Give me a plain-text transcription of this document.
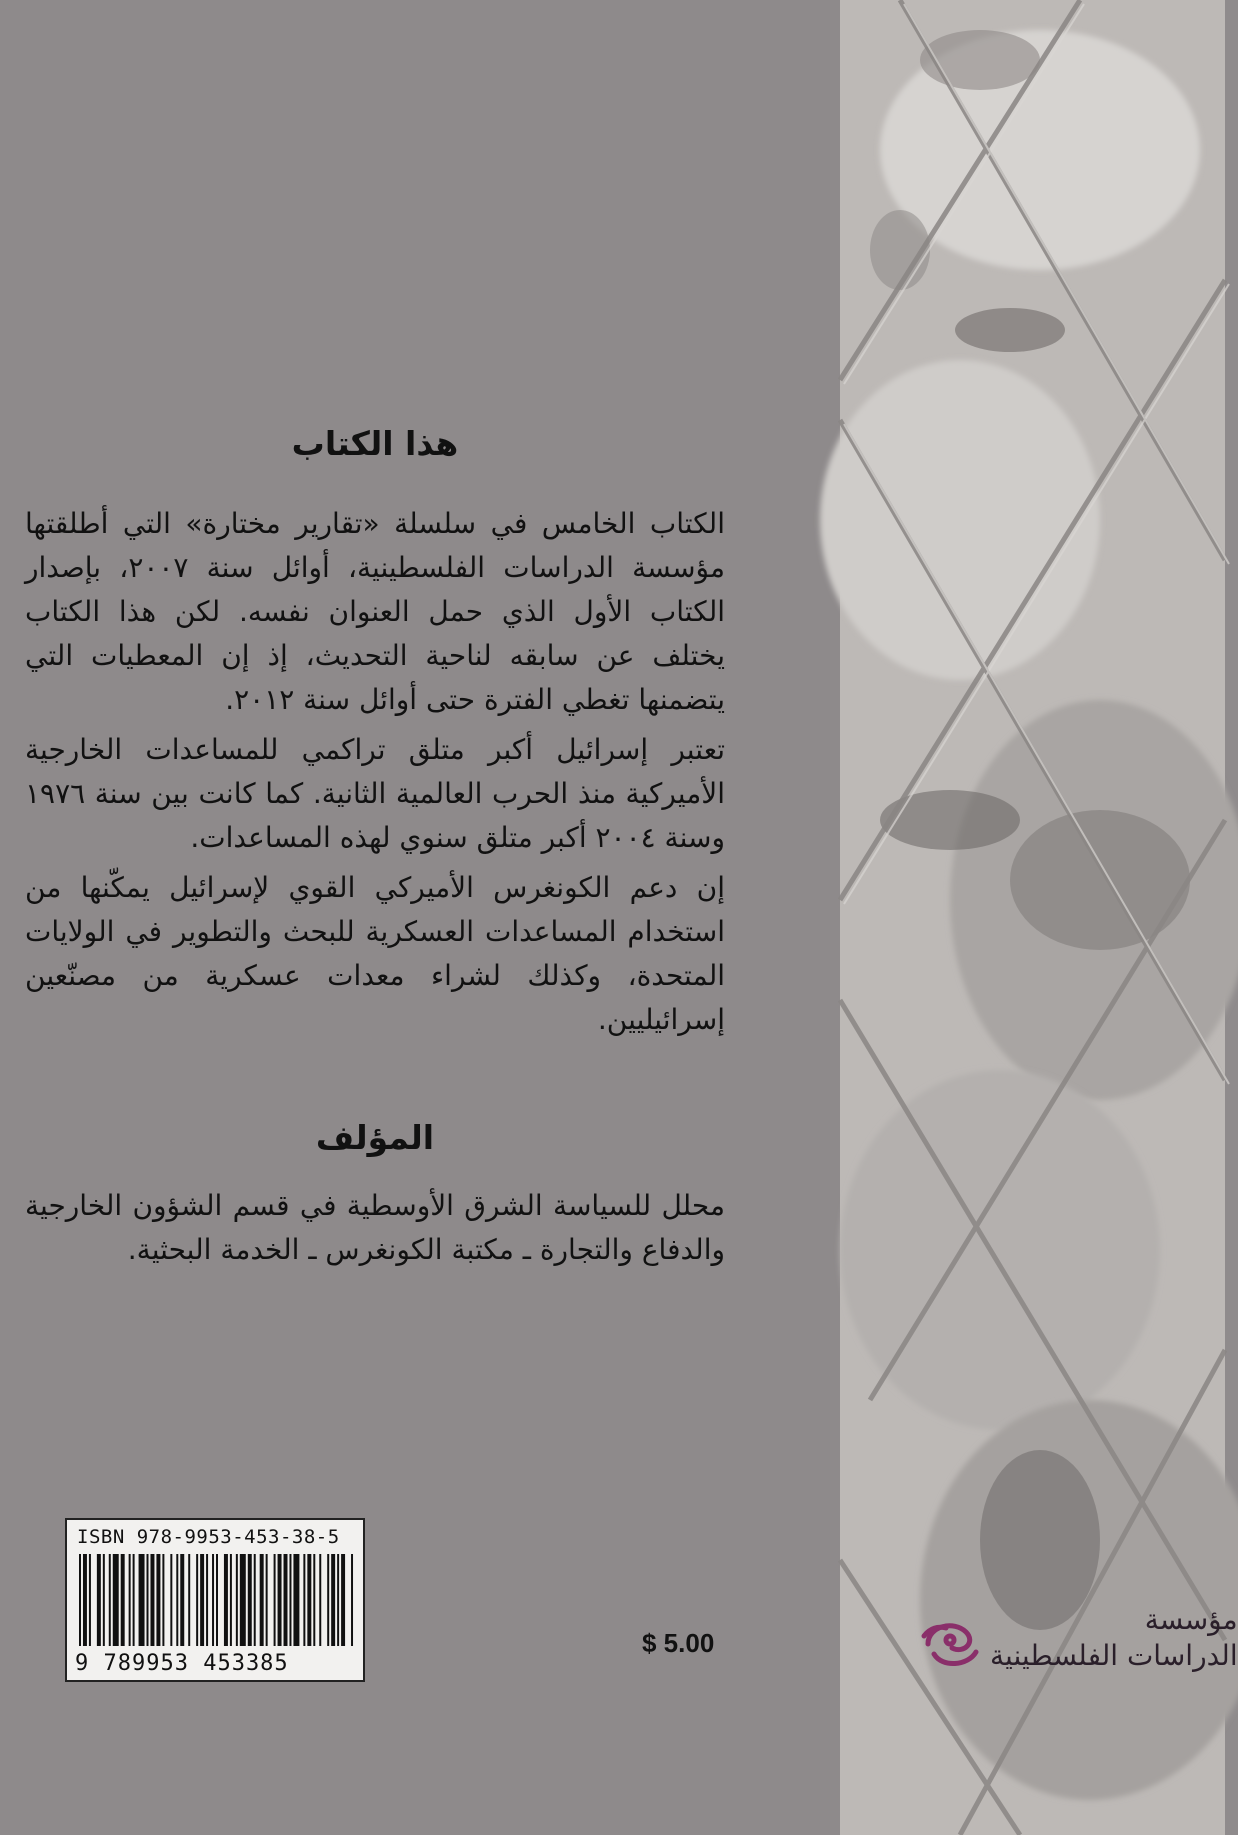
هذا الكتاب

الكتاب الخامس في سلسلة «تقارير مختارة» التي أطلقتها مؤسسة الدراسات الفلسطينية، أوائل سنة ٢٠٠٧، بإصدار الكتاب الأول الذي حمل العنوان نفسه. لكن هذا الكتاب يختلف عن سابقه لناحية التحديث، إذ إن المعطيات التي يتضمنها تغطي الفترة حتى أوائل سنة ٢٠١٢.

تعتبر إسرائيل أكبر متلق تراكمي للمساعدات الخارجية الأميركية منذ الحرب العالمية الثانية. كما كانت بين سنة ١٩٧٦ وسنة ٢٠٠٤ أكبر متلق سنوي لهذه المساعدات.

إن دعم الكونغرس الأميركي القوي لإسرائيل يمكّنها من استخدام المساعدات العسكرية للبحث والتطوير في الولايات المتحدة، وكذلك لشراء معدات عسكرية من مصنّعين إسرائيليين.

المؤلف

محلل للسياسة الشرق الأوسطية في قسم الشؤون الخارجية والدفاع والتجارة ـ مكتبة الكونغرس ـ الخدمة البحثية.

ISBN 978-9953-453-38-5
9 789953 453385
$ 5.00
مؤسسة
الدراسات الفلسطينية
